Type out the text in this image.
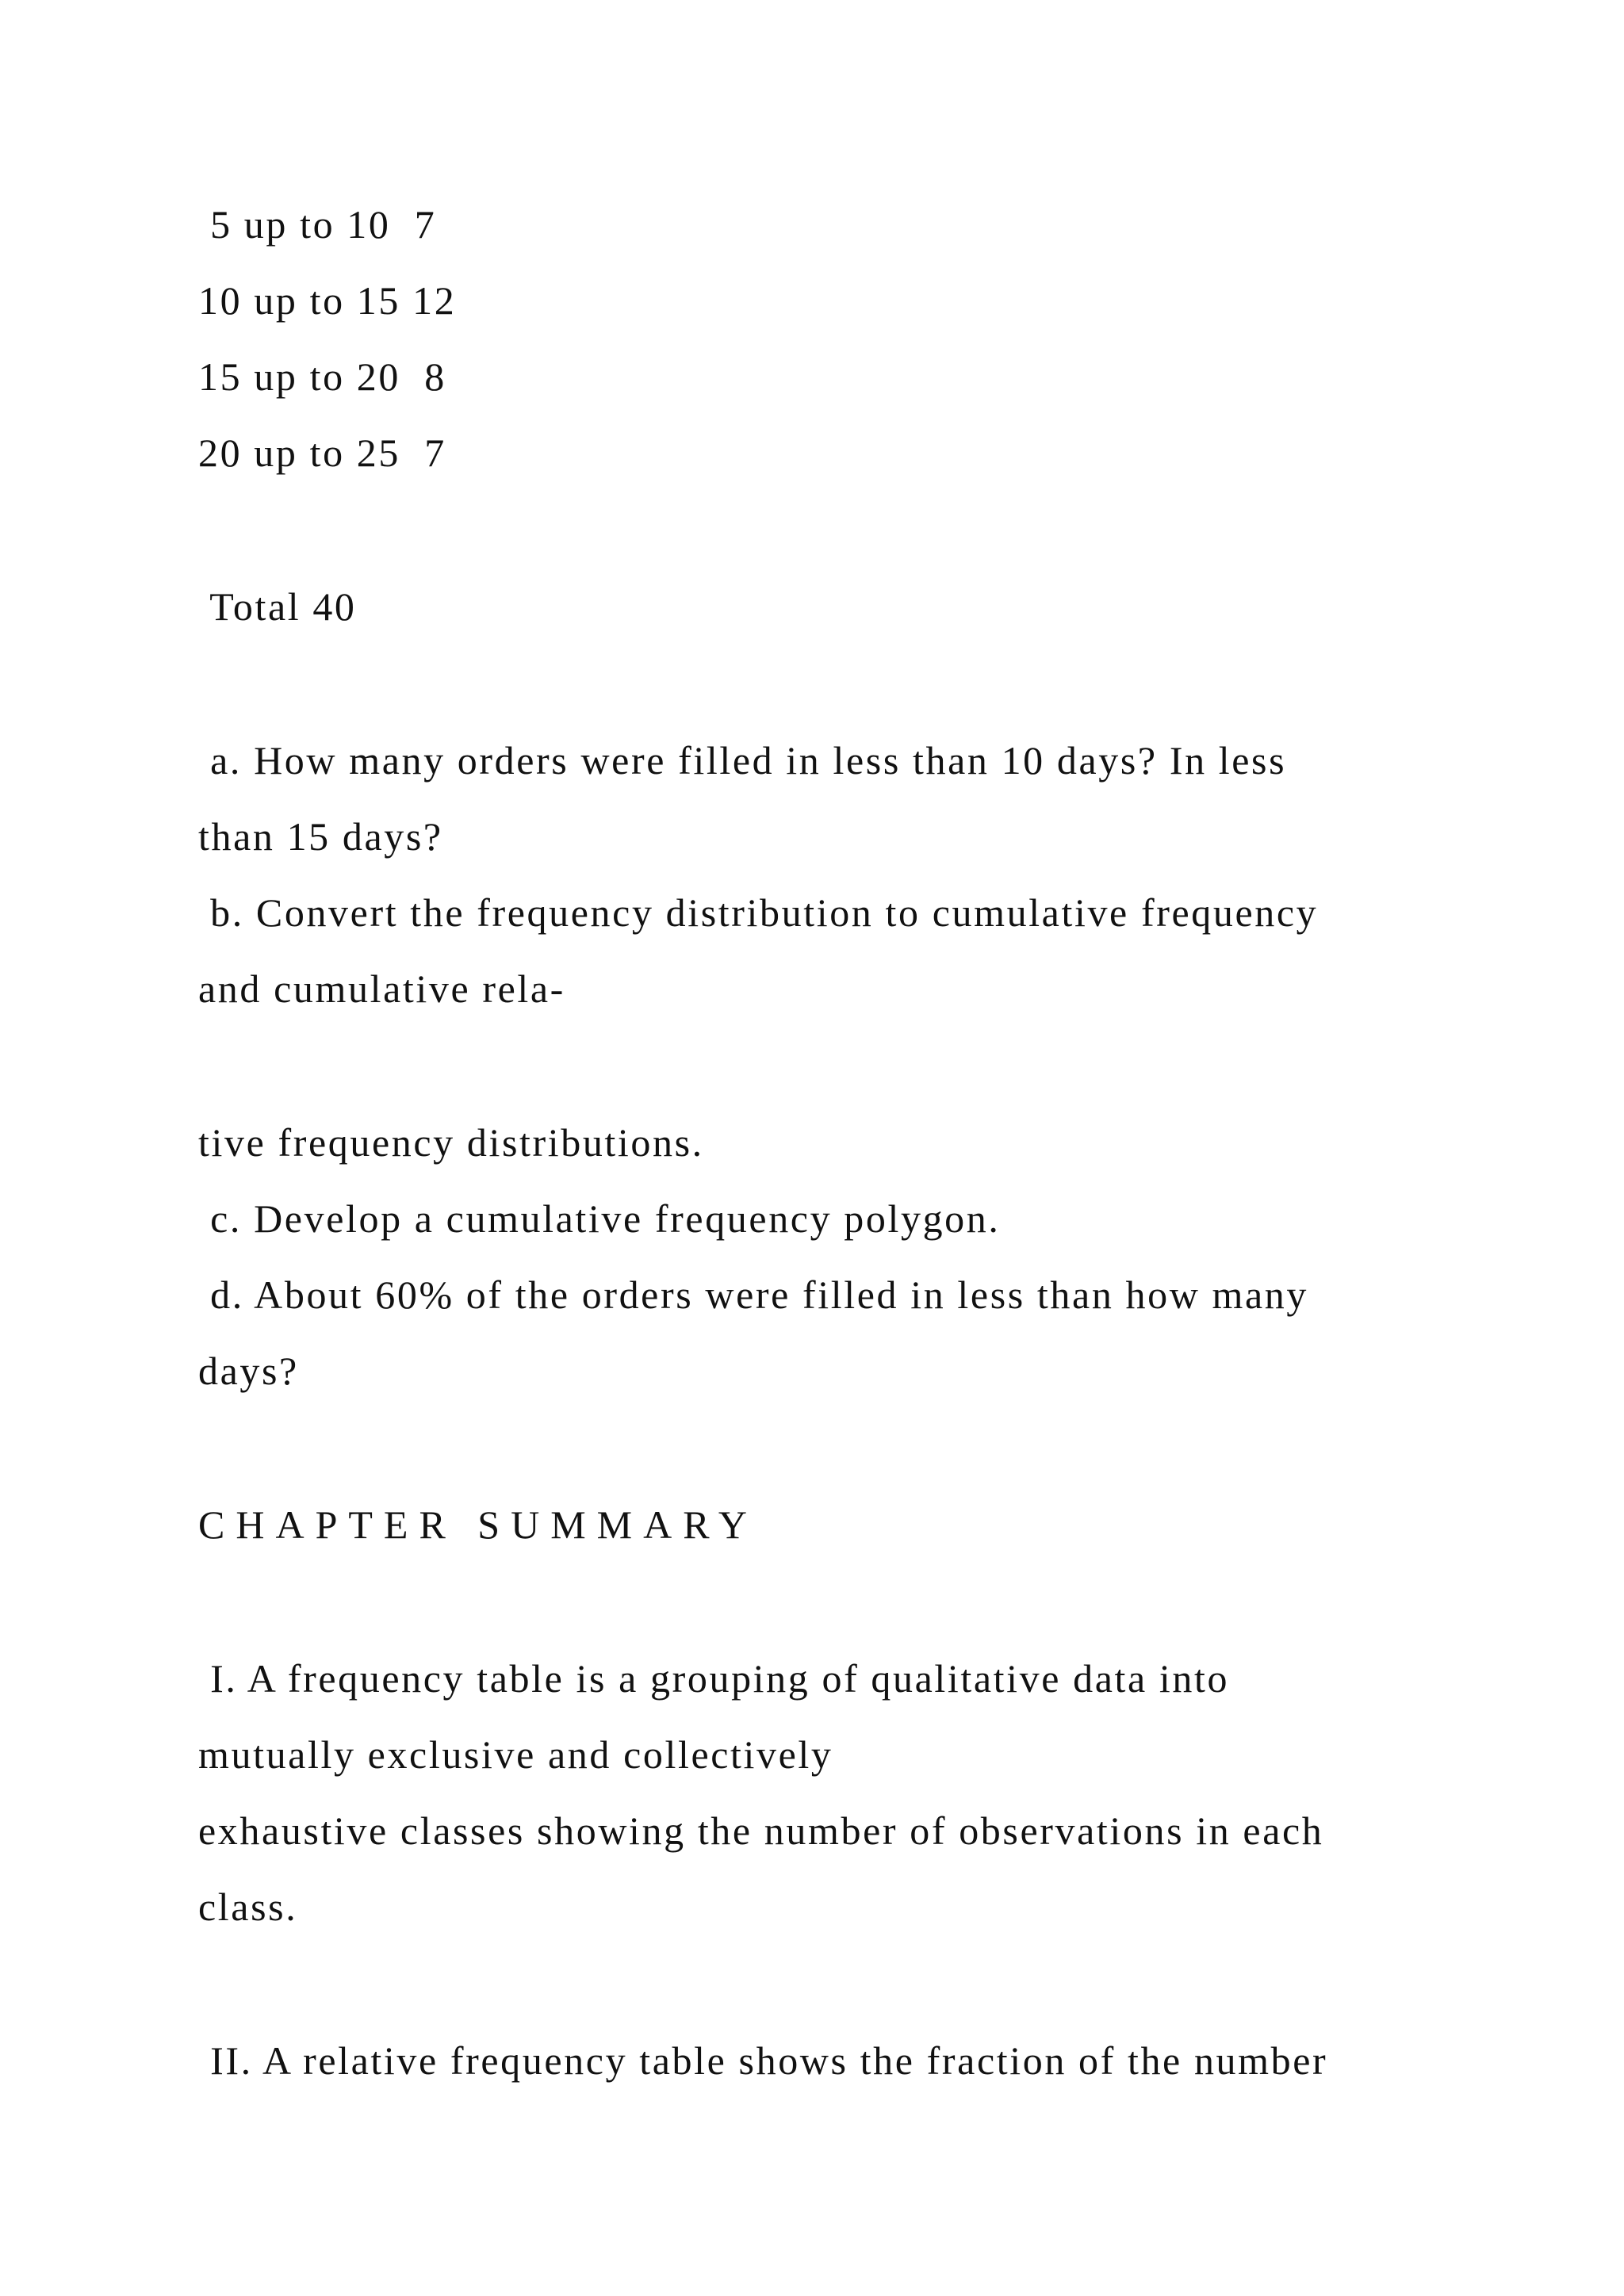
5 up to 10  7
10 up to 15 12
15 up to 20  8
20 up to 25  7
Total 40
a. How many orders were filled in less than 10 days? In less
than 15 days?
b. Convert the frequency distribution to cumulative frequency
and cumulative rela-
tive frequency distributions.
c. Develop a cumulative frequency polygon.
d. About 60% of the orders were filled in less than how many
days?
CHAPTER SUMMARY
I. A frequency table is a grouping of qualitative data into
mutually exclusive and collectively
exhaustive classes showing the number of observations in each
class.
II. A relative frequency table shows the fraction of the number
